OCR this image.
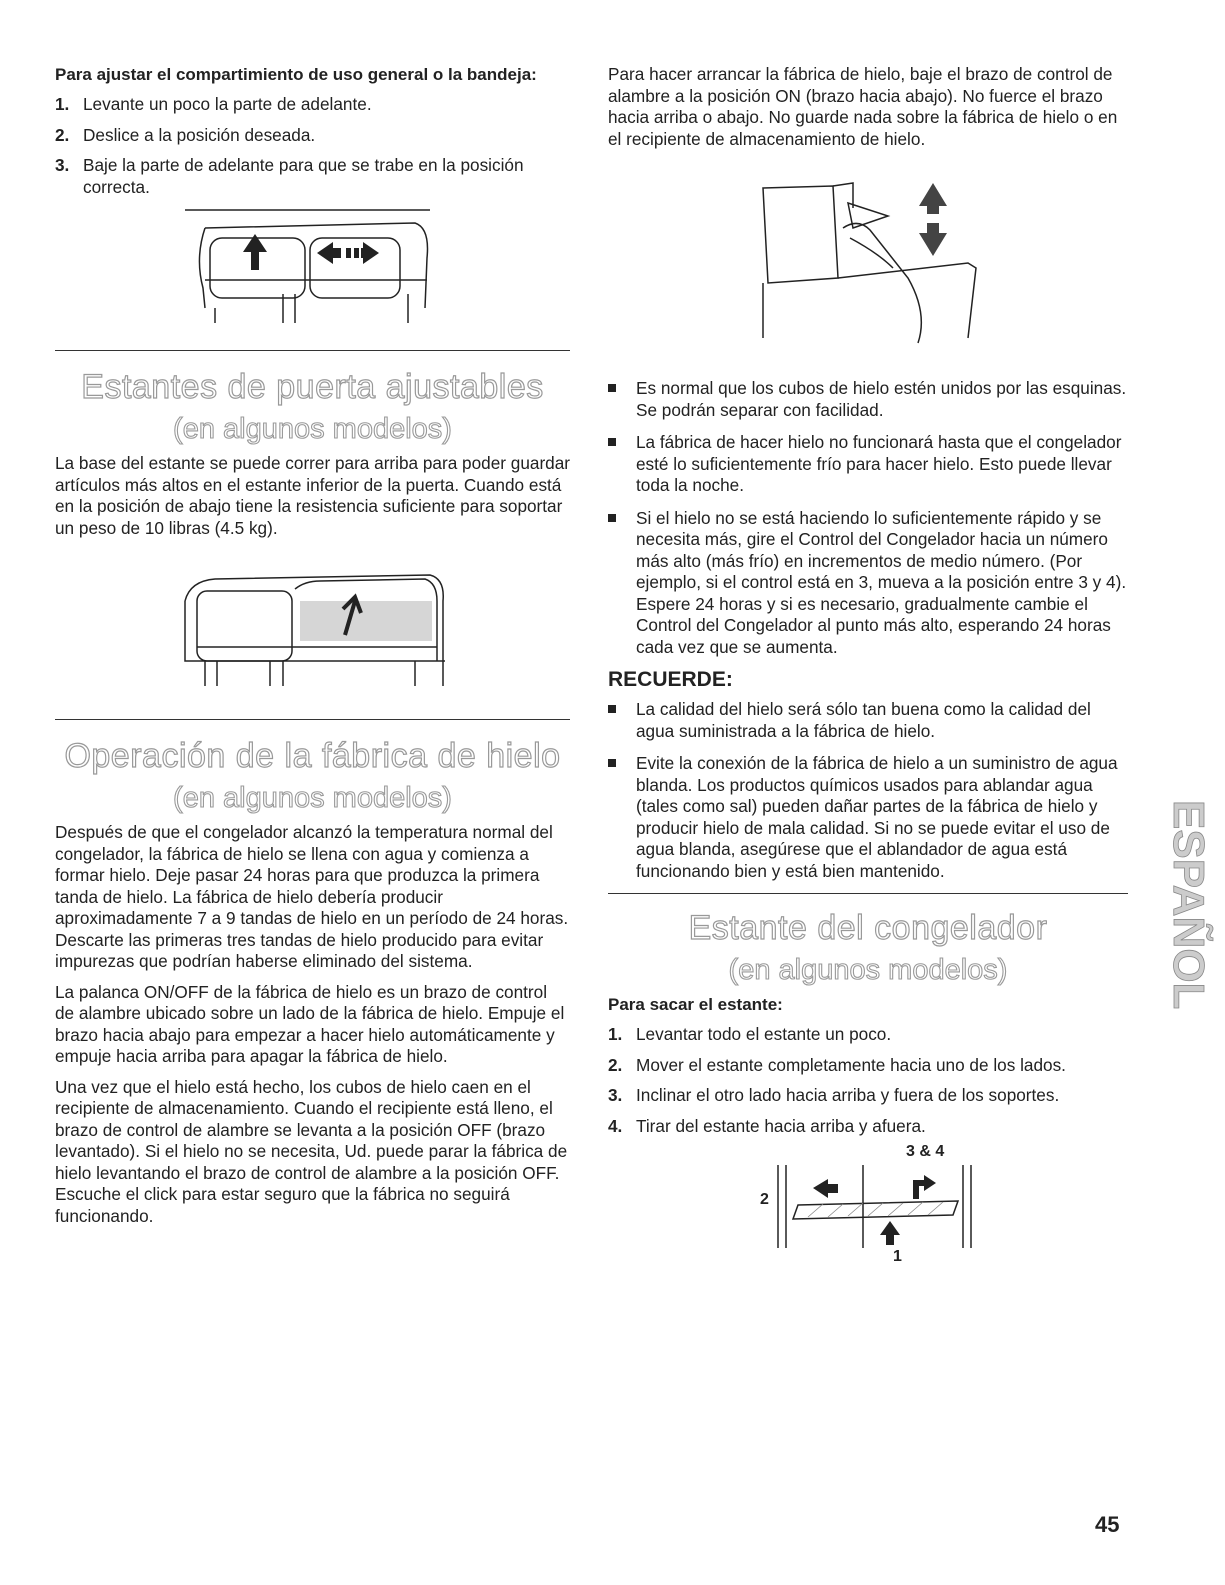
Para ajustar el compartimiento de uso general o la bandeja:

1. Levante un poco la parte de adelante.
2. Deslice a la posición deseada.
3. Baje la parte de adelante para que se trabe en la posición correcta.
Estantes de puerta ajustables
(en algunos modelos)

La base del estante se puede correr para arriba para poder guardar artículos más altos en el estante inferior de la puerta. Cuando está en la posición de abajo tiene la resistencia suficiente para soportar un peso de 10 libras (4.5 kg).

Operación de la fábrica de hielo
(en algunos modelos)

Después de que el congelador alcanzó la temperatura normal del congelador, la fábrica de hielo se llena con agua y comienza a formar hielo. Deje pasar 24 horas para que produzca la primera tanda de hielo. La fábrica de hielo debería producir aproximadamente 7 a 9 tandas de hielo en un período de 24 horas. Descarte las primeras tres tandas de hielo producido para evitar impurezas que podrían haberse eliminado del sistema.

La palanca ON/OFF de la fábrica de hielo es un brazo de control de alambre ubicado sobre un lado de la fábrica de hielo. Empuje el brazo hacia abajo para empezar a hacer hielo automáticamente y empuje hacia arriba para apagar la fábrica de hielo.

Una vez que el hielo está hecho, los cubos de hielo caen en el recipiente de almacenamiento. Cuando el recipiente está lleno, el brazo de control de alambre se levanta a la posición OFF (brazo levantado). Si el hielo no se necesita, Ud. puede parar la fábrica de hielo levantando el brazo de control de alambre a la posición OFF. Escuche el click para estar seguro que la fábrica no seguirá funcionando.

Para hacer arrancar la fábrica de hielo, baje el brazo de control de alambre a la posición ON (brazo hacia abajo). No fuerce el brazo hacia arriba o abajo. No guarde nada sobre la fábrica de hielo o en el recipiente de almacenamiento de hielo.

Es normal que los cubos de hielo estén unidos por las esquinas. Se podrán separar con facilidad.
La fábrica de hacer hielo no funcionará hasta que el congelador esté lo suficientemente frío para hacer hielo. Esto puede llevar toda la noche.
Si el hielo no se está haciendo lo suficientemente rápido y se necesita más, gire el Control del Congelador hacia un número más alto (más frío) en incrementos de medio número. (Por ejemplo, si el control está en 3, mueva a la posición entre 3 y 4). Espere 24 horas y si es necesario, gradualmente cambie el Control del Congelador al punto más alto, esperando 24 horas cada vez que se aumenta.

RECUERDE:

La calidad del hielo será sólo tan buena como la calidad del agua suministrada a la fábrica de hielo.
Evite la conexión de la fábrica de hielo a un suministro de agua blanda. Los productos químicos usados para ablandar agua (tales como sal) pueden dañar partes de la fábrica de hielo y producir hielo de mala calidad. Si no se puede evitar el uso de agua blanda, asegúrese que el ablandador de agua está funcionando bien y está bien mantenido.
Estante del congelador
(en algunos modelos)

Para sacar el estante:

1. Levantar todo el estante un poco.
2. Mover el estante completamente hacia uno de los lados.
3. Inclinar el otro lado hacia arriba y fuera de los soportes.
4. Tirar del estante hacia arriba y afuera.
3 & 4
2
1
ESPAÑOL
45
